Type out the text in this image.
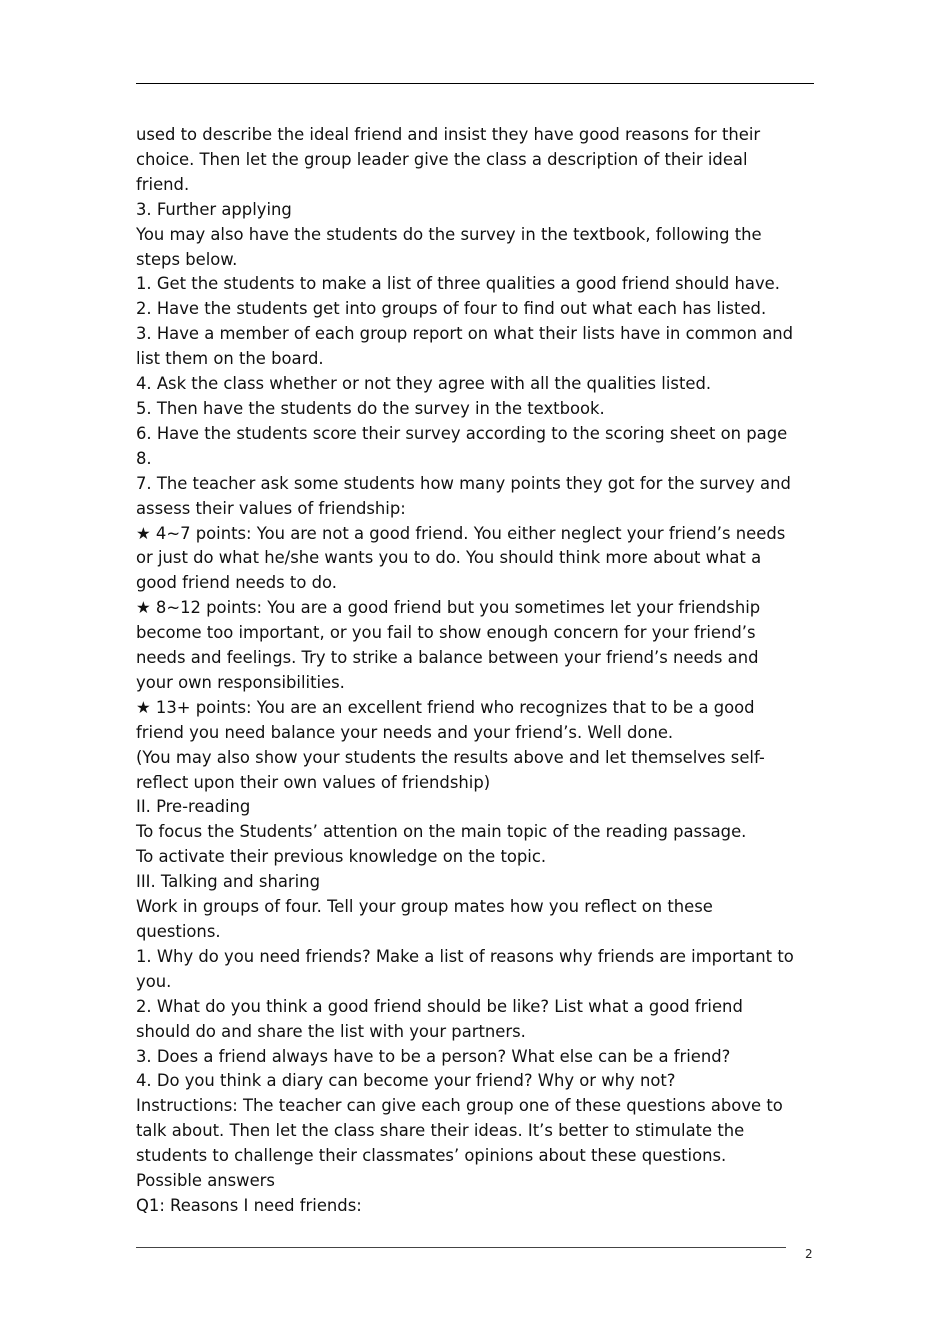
used to describe the ideal friend and insist they have good reasons for their
choice. Then let the group leader give the class a description of their ideal
friend.
3. Further applying
You may also have the students do the survey in the textbook, following the
steps below.
1. Get the students to make a list of three qualities a good friend should have.
2. Have the students get into groups of four to find out what each has listed.
3. Have a member of each group report on what their lists have in common and
list them on the board.
4. Ask the class whether or not they agree with all the qualities listed.
5. Then have the students do the survey in the textbook.
6. Have the students score their survey according to the scoring sheet on page
8.
7. The teacher ask some students how many points they got for the survey and
assess their values of friendship:
★ 4~7 points: You are not a good friend. You either neglect your friend’s needs
or just do what he/she wants you to do. You should think more about what a
good friend needs to do.
★ 8~12 points: You are a good friend but you sometimes let your friendship
become too important, or you fail to show enough concern for your friend’s
needs and feelings. Try to strike a balance between your friend’s needs and
your own responsibilities.
★ 13+ points: You are an excellent friend who recognizes that to be a good
friend you need balance your needs and your friend’s. Well done.
(You may also show your students the results above and let themselves self-
reflect upon their own values of friendship)
II. Pre-reading
To focus the Students’ attention on the main topic of the reading passage.
To activate their previous knowledge on the topic.
III. Talking and sharing
Work in groups of four. Tell your group mates how you reflect on these
questions.
1. Why do you need friends? Make a list of reasons why friends are important to
you.
2. What do you think a good friend should be like? List what a good friend
should do and share the list with your partners.
3. Does a friend always have to be a person? What else can be a friend?
4. Do you think a diary can become your friend? Why or why not?
Instructions: The teacher can give each group one of these questions above to
talk about. Then let the class share their ideas. It’s better to stimulate the
students to challenge their classmates’ opinions about these questions.
Possible answers
Q1: Reasons I need friends:
2
